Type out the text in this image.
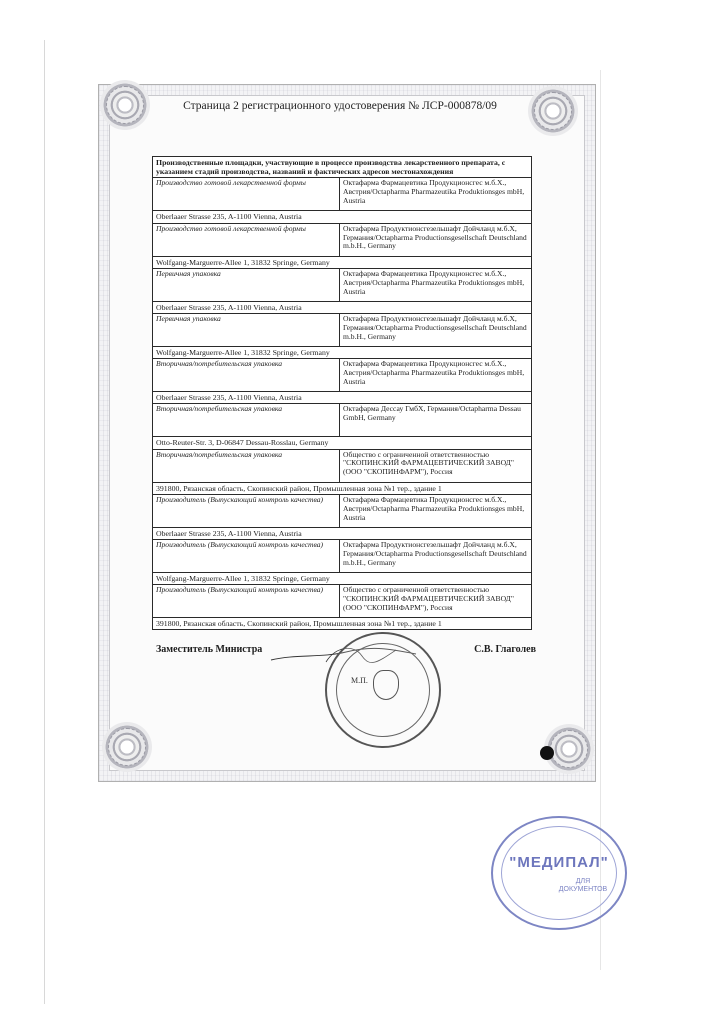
Страница 2 регистрационного удостоверения № ЛСР-000878/09
Производственные площадки, участвующие в процессе производства лекарственного препарата, с указанием стадий производства, названий и фактических адресов местонахождения	
Производство готовой лекарственной формы	Октафарма Фармацевтика Продукционсгес м.б.Х., Австрия/Octapharma Pharmazeutika Produktionsges mbH, Austria
Oberlaaer Strasse 235, A-1100 Vienna, Austria	
Производство готовой лекарственной формы	Октафарма Продуктионсгезельшафт Дойчланд м.б.Х, Германия/Octapharma Productionsgesellschaft Deutschland m.b.H., Germany
Wolfgang-Marguerre-Allee 1, 31832 Springe, Germany	
Первичная упаковка	Октафарма Фармацевтика Продукционсгес м.б.Х., Австрия/Octapharma Pharmazeutika Produktionsges mbH, Austria
Oberlaaer Strasse 235, A-1100 Vienna, Austria	
Первичная упаковка	Октафарма Продуктионсгезельшафт Дойчланд м.б.Х, Германия/Octapharma Productionsgesellschaft Deutschland m.b.H., Germany
Wolfgang-Marguerre-Allee 1, 31832 Springe, Germany	
Вторичная/потребительская упаковка	Октафарма Фармацевтика Продукционсгес м.б.Х., Австрия/Octapharma Pharmazeutika Produktionsges mbH, Austria
Oberlaaer Strasse 235, A-1100 Vienna, Austria	
Вторичная/потребительская упаковка	Октафарма Дессау ГмбХ, Германия/Octapharma Dessau GmbH, Germany
Otto-Reuter-Str. 3, D-06847 Dessau-Rosslau, Germany	
Вторичная/потребительская упаковка	Общество с ограниченной ответственностью "СКОПИНСКИЙ ФАРМАЦЕВТИЧЕСКИЙ ЗАВОД" (ООО "СКОПИНФАРМ"), Россия
391800, Рязанская область, Скопинский район, Промышленная зона №1 тер., здание 1	
Производитель (Выпускающий контроль качества)	Октафарма Фармацевтика Продукционсгес м.б.Х., Австрия/Octapharma Pharmazeutika Produktionsges mbH, Austria
Oberlaaer Strasse 235, A-1100 Vienna, Austria	
Производитель (Выпускающий контроль качества)	Октафарма Продуктионсгезельшафт Дойчланд м.б.Х, Германия/Octapharma Productionsgesellschaft Deutschland m.b.H., Germany
Wolfgang-Marguerre-Allee 1, 31832 Springe, Germany	
Производитель (Выпускающий контроль качества)	Общество с ограниченной ответственностью "СКОПИНСКИЙ ФАРМАЦЕВТИЧЕСКИЙ ЗАВОД" (ООО "СКОПИНФАРМ"), Россия
391800, Рязанская область, Скопинский район, Промышленная зона №1 тер., здание 1	
Заместитель Министра	С.В. Глаголев
М.П.
"МЕДИПАЛ"
ДЛЯ ДОКУМЕНТОВ
